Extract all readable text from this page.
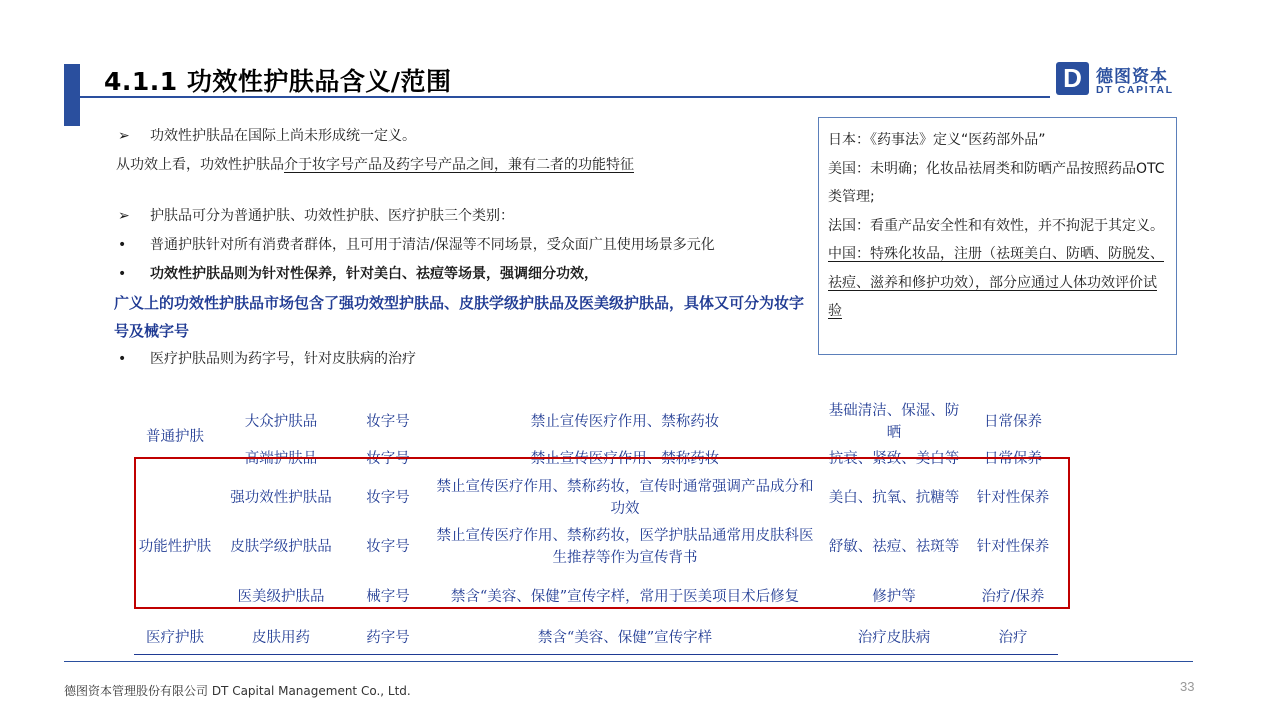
4.1.1 功效性护肤品含义/范围	D 德图资本
DT CAPITAL
➢	功效性护肤品在国际上尚未形成统一定义。
从功效上看，功效性护肤品介于妆字号产品及药字号产品之间，兼有二者的功能特征
➢	护肤品可分为普通护肤、功效性护肤、医疗护肤三个类别：
•	普通护肤针对所有消费者群体，且可用于清洁/保湿等不同场景，受众面广且使用场景多元化
•	功效性护肤品则为针对性保养，针对美白、祛痘等场景，强调细分功效，
广义上的功效性护肤品市场包含了强功效型护肤品、皮肤学级护肤品及医美级护肤品，具体又可分为妆字号及械字号
•	医疗护肤品则为药字号，针对皮肤病的治疗
日本：《药事法》定义“医药部外品”
美国：未明确；化妆品祛屑类和防晒产品按照药品OTC类管理;
法国：看重产品安全性和有效性，并不拘泥于其定义。
中国：特殊化妆品，注册（祛斑美白、防晒、防脱发、祛痘、滋养和修护功效），部分应通过人体功效评价试验
普通护肤	大众护肤品	妆字号	禁止宣传医疗作用、禁称药妆	基础清洁、保湿、防晒	日常保养
	高端护肤品	妆字号	禁止宣传医疗作用、禁称药妆	抗衰、紧致、美白等	日常保养
功能性护肤	强功效性护肤品	妆字号	禁止宣传医疗作用、禁称药妆，宣传时通常强调产品成分和功效	美白、抗氧、抗糖等	针对性保养
	皮肤学级护肤品	妆字号	禁止宣传医疗作用、禁称药妆，医学护肤品通常用皮肤科医生推荐等作为宣传背书	舒敏、祛痘、祛斑等	针对性保养
	医美级护肤品	械字号	禁含“美容、保健”宣传字样，常用于医美项目术后修复	修护等	治疗/保养
医疗护肤	皮肤用药	药字号	禁含“美容、保健”宣传字样	治疗皮肤病	治疗
德图资本管理股份有限公司 DT Capital Management Co., Ltd.	33
